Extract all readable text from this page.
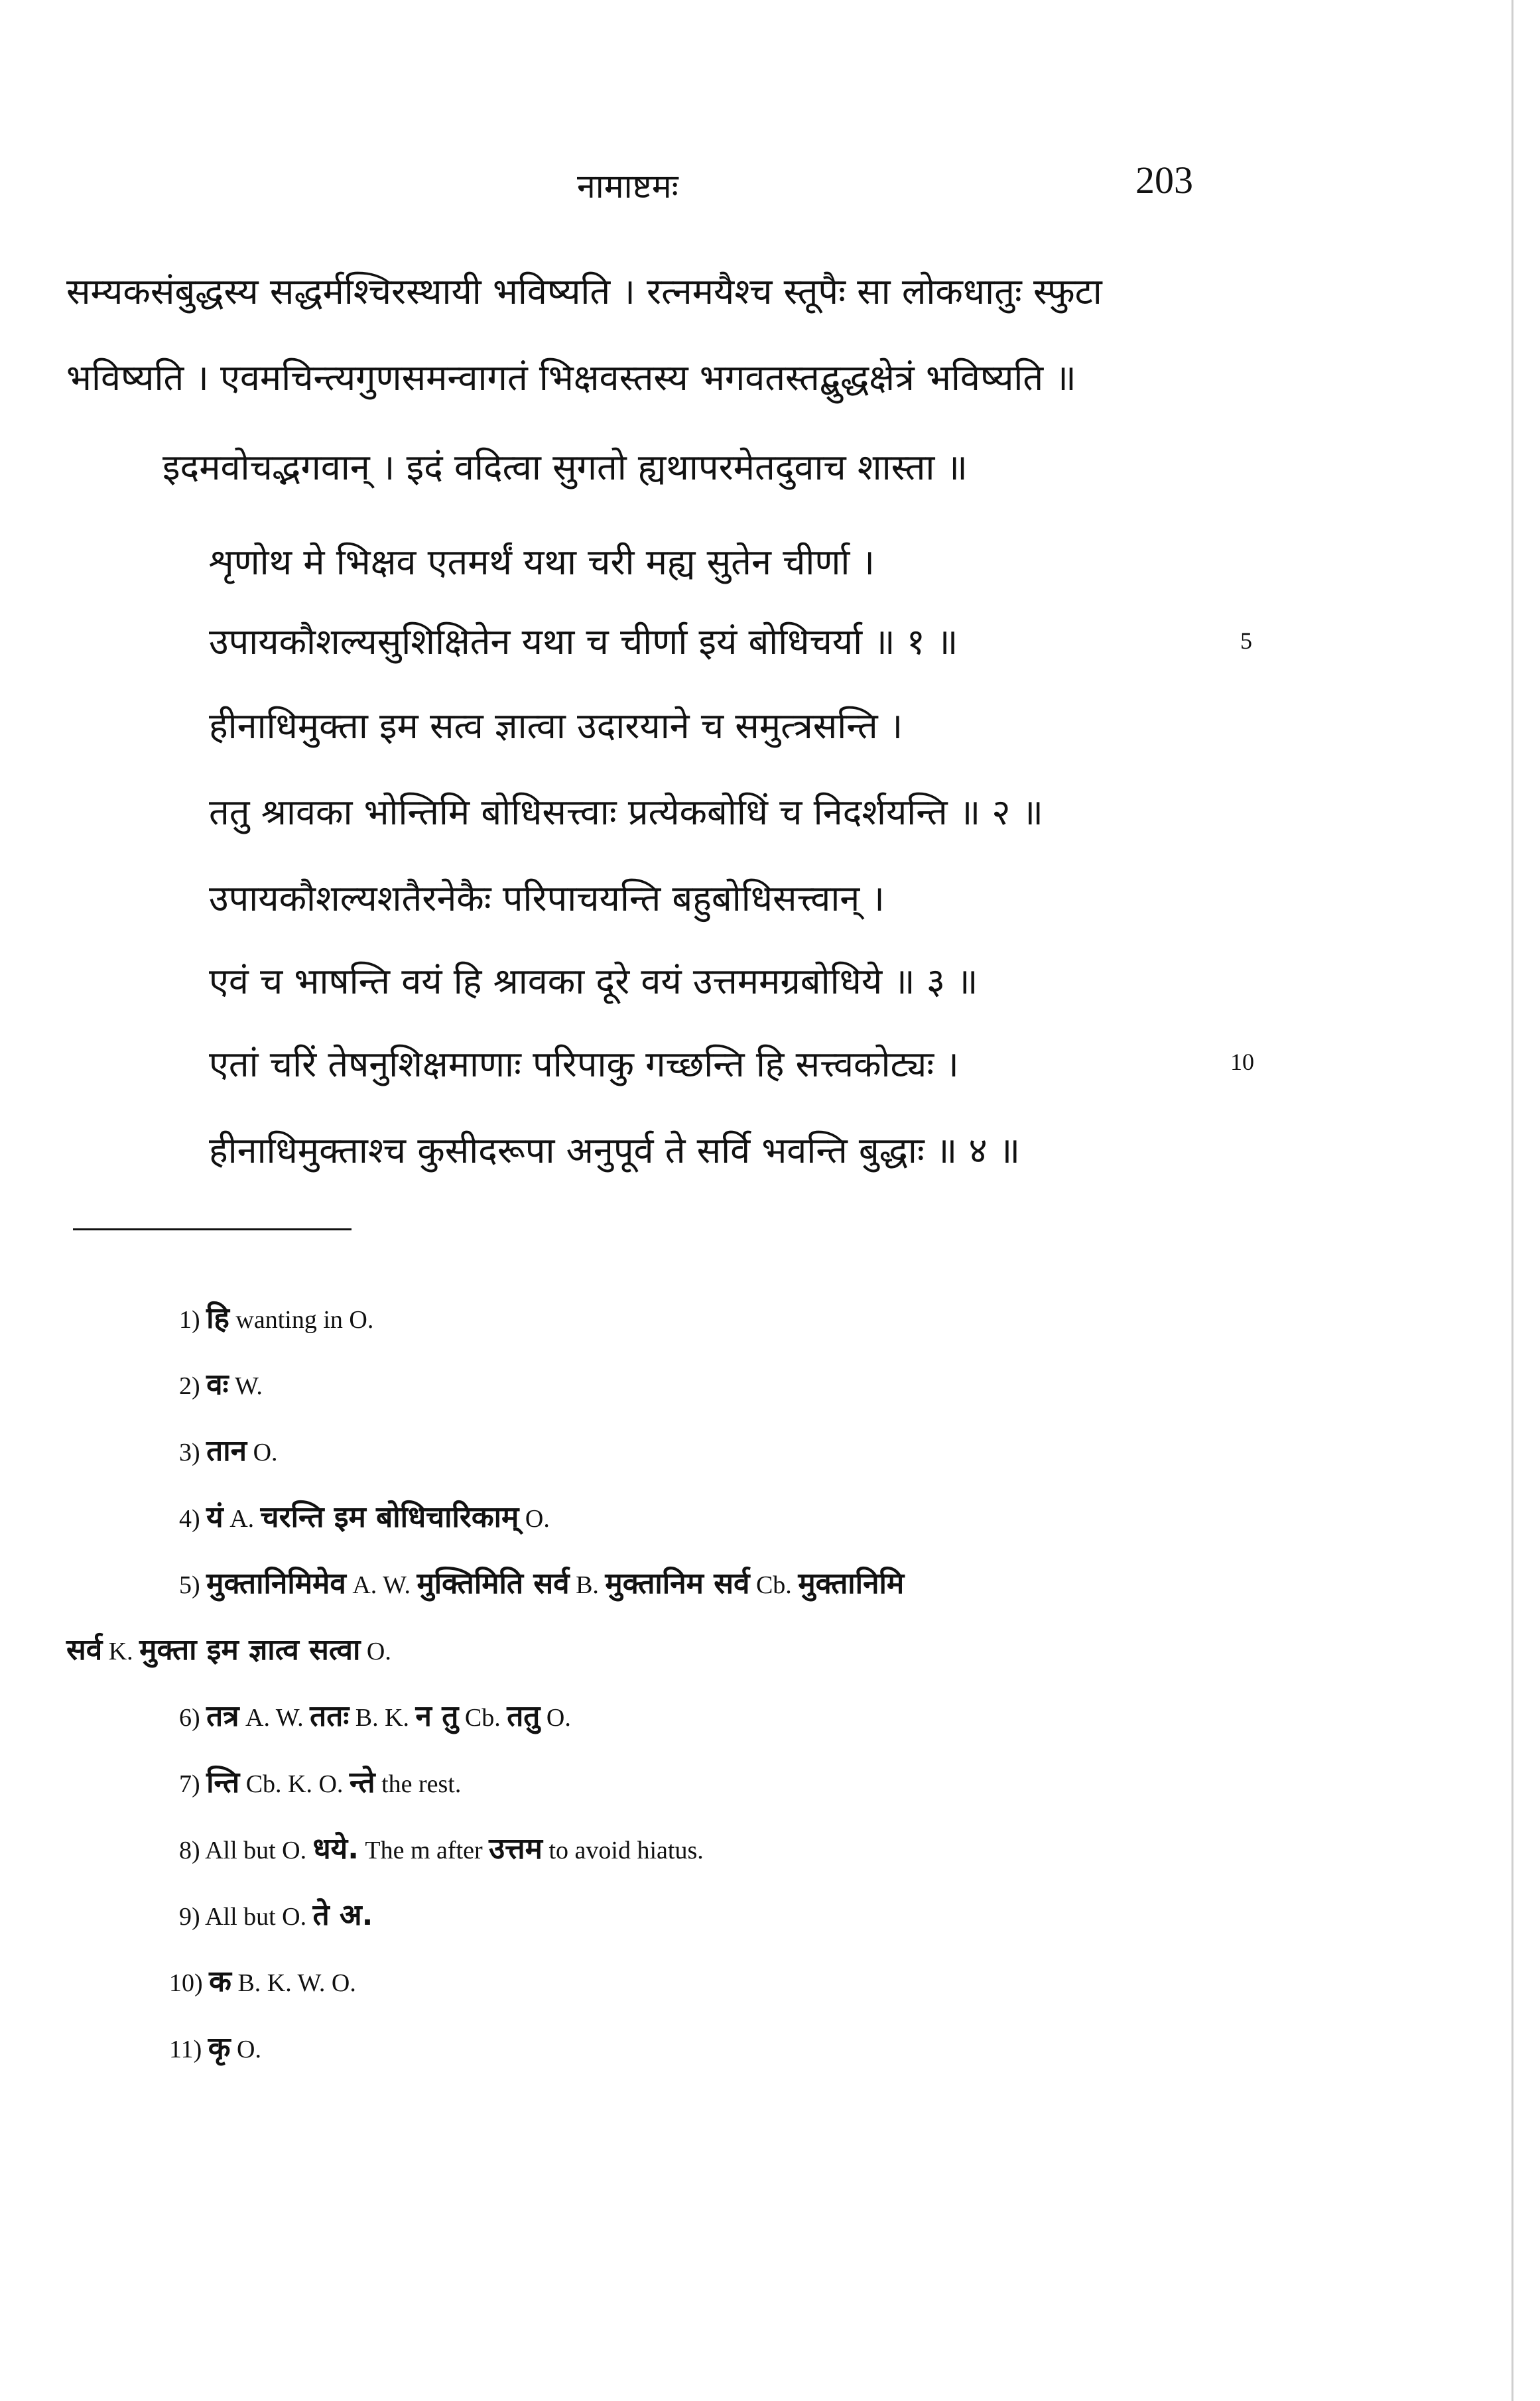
नामाष्टमः	203
सम्यकसंबुद्धस्य सद्धर्मश्चिरस्थायी भविष्यति । रत्नमयैश्च स्तूपैः सा लोकधातुः स्फुटा
भविष्यति । एवमचिन्त्यगुणसमन्वागतं भिक्षवस्तस्य भगवतस्तद्बुद्धक्षेत्रं भविष्यति ॥
इदमवोचद्भगवान् । इदं वदित्वा सुगतो ह्यथापरमेतदुवाच शास्ता ॥
शृणोथ मे भिक्षव एतमर्थं यथा चरी मह्य सुतेन चीर्णा ।
उपायकौशल्यसुशिक्षितेन यथा च चीर्णा इयं बोधिचर्या ॥ १ ॥
हीनाधिमुक्ता इम सत्व ज्ञात्वा उदारयाने च समुत्त्रसन्ति ।
ततु श्रावका भोन्तिमि बोधिसत्त्वाः प्रत्येकबोधिं च निदर्शयन्ति ॥ २ ॥
उपायकौशल्यशतैरनेकैः परिपाचयन्ति बहुबोधिसत्त्वान् ।
एवं च भाषन्ति वयं हि श्रावका दूरे वयं उत्तममग्रबोधिये ॥ ३ ॥
एतां चरिं तेषनुशिक्षमाणाः परिपाकु गच्छन्ति हि सत्त्वकोट्यः ।
हीनाधिमुक्ताश्च कुसीदरूपा अनुपूर्व ते सर्वि भवन्ति बुद्धाः ॥ ४ ॥
5
10
1) हि wanting in O.
2) वः W.
3) तान O.
4) यं A. चरन्ति इम बोधिचारिकाम् O.
5) मुक्तानिमिमेव A. W. मुक्तिमिति सर्व B. मुक्तानिम सर्व Cb. मुक्तानिमि
सर्व K. मुक्ता इम ज्ञात्व सत्वा O.
6) तत्र A. W. ततः B. K. न तु Cb. ततु O.
7) न्ति Cb. K. O. न्ते the rest.
8) All but O. धये. The m after उत्तम to avoid hiatus.
9) All but O. ते अ.
10) क B. K. W. O.
11) कृ O.
